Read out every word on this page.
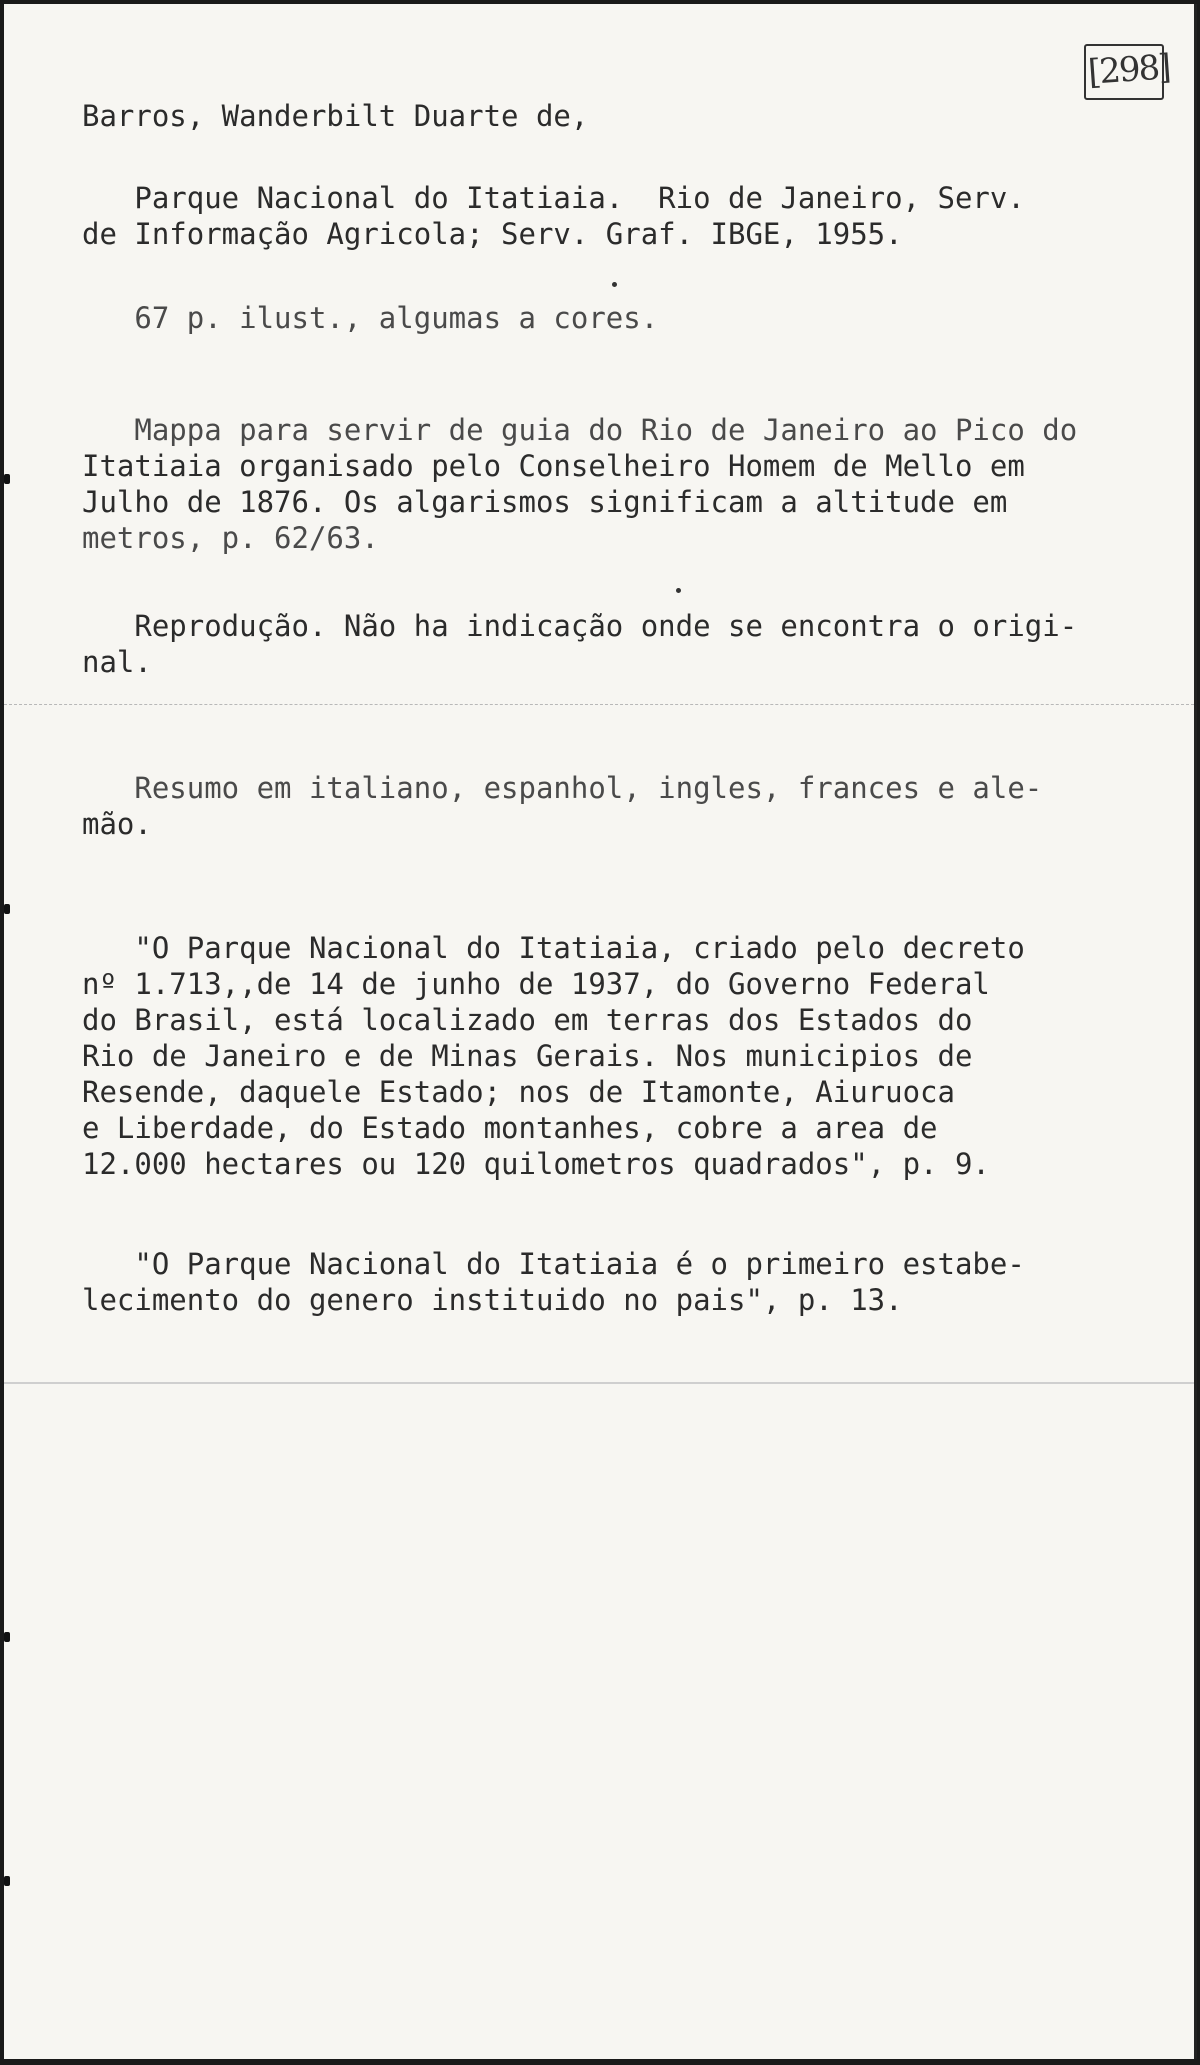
[298]
Barros, Wanderbilt Duarte de,
Parque Nacional do Itatiaia.  Rio de Janeiro, Serv.
de Informação Agricola; Serv. Graf. IBGE, 1955.
67 p. ilust., algumas a cores.
Mappa para servir de guia do Rio de Janeiro ao Pico do
Itatiaia organisado pelo Conselheiro Homem de Mello em
Julho de 1876. Os algarismos significam a altitude em
metros, p. 62/63.
Reprodução. Não ha indicação onde se encontra o origi-
nal.
Resumo em italiano, espanhol, ingles, frances e ale-
mão.
"O Parque Nacional do Itatiaia, criado pelo decreto
nº 1.713,,de 14 de junho de 1937, do Governo Federal
do Brasil, está localizado em terras dos Estados do
Rio de Janeiro e de Minas Gerais. Nos municipios de
Resende, daquele Estado; nos de Itamonte, Aiuruoca
e Liberdade, do Estado montanhes, cobre a area de
12.000 hectares ou 120 quilometros quadrados", p. 9.
"O Parque Nacional do Itatiaia é o primeiro estabe-
lecimento do genero instituido no pais", p. 13.
